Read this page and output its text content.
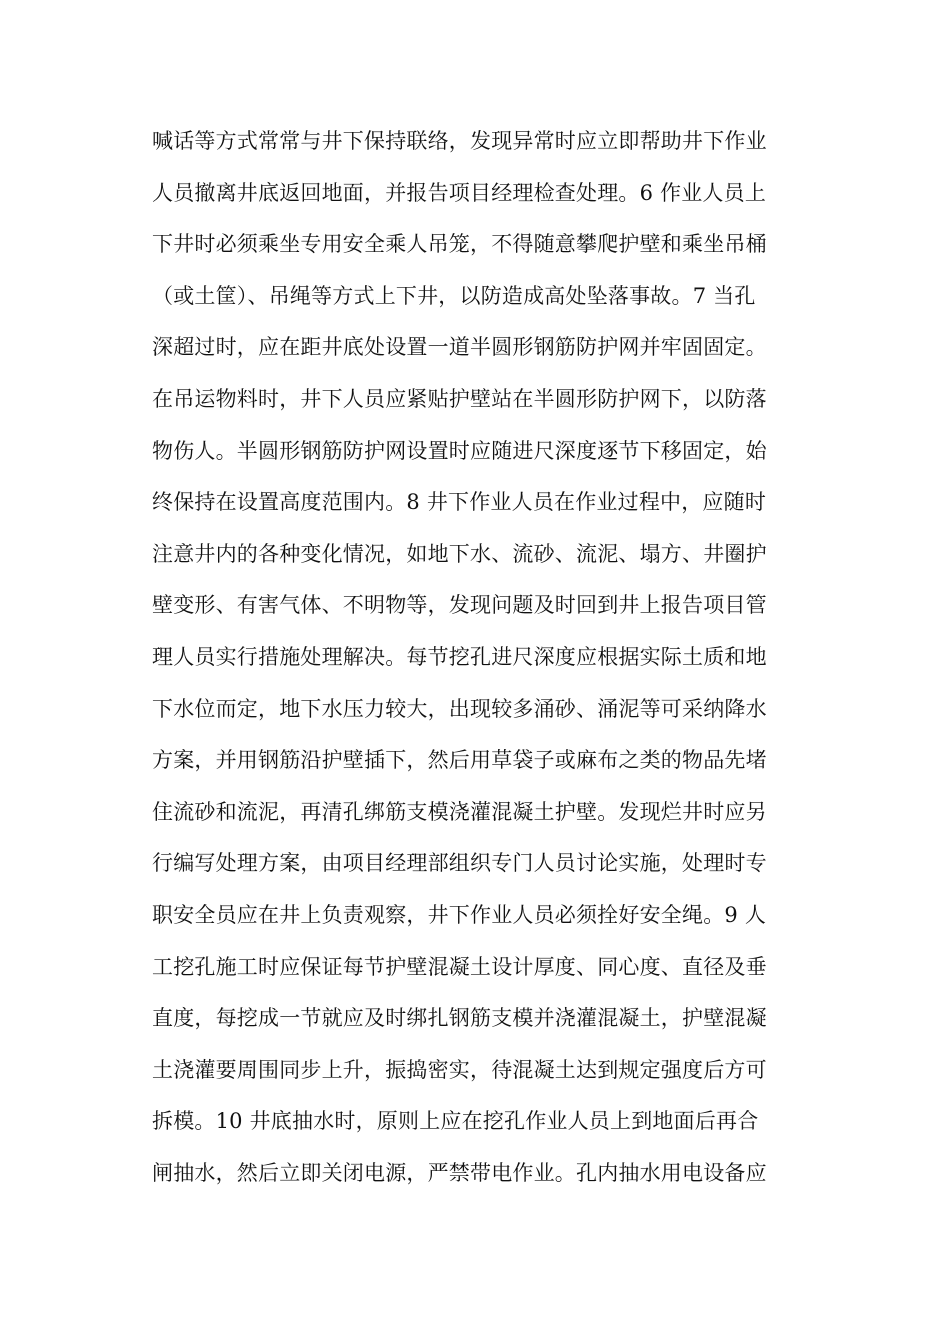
喊话等方式常常与井下保持联络，发现异常时应立即帮助井下作业
人员撤离井底返回地面，并报告项目经理检查处理。6 作业人员上
下井时必须乘坐专用安全乘人吊笼，不得随意攀爬护壁和乘坐吊桶
（或土筐）、吊绳等方式上下井，以防造成高处坠落事故。7 当孔
深超过时，应在距井底处设置一道半圆形钢筋防护网并牢固固定。
在吊运物料时，井下人员应紧贴护壁站在半圆形防护网下，以防落
物伤人。半圆形钢筋防护网设置时应随进尺深度逐节下移固定，始
终保持在设置高度范围内。8 井下作业人员在作业过程中，应随时
注意井内的各种变化情况，如地下水、流砂、流泥、塌方、井圈护
壁变形、有害气体、不明物等，发现问题及时回到井上报告项目管
理人员实行措施处理解决。每节挖孔进尺深度应根据实际土质和地
下水位而定，地下水压力较大，出现较多涌砂、涌泥等可采纳降水
方案，并用钢筋沿护壁插下，然后用草袋子或麻布之类的物品先堵
住流砂和流泥，再清孔绑筋支模浇灌混凝土护壁。发现烂井时应另
行编写处理方案，由项目经理部组织专门人员讨论实施，处理时专
职安全员应在井上负责观察，井下作业人员必须拴好安全绳。9 人
工挖孔施工时应保证每节护壁混凝土设计厚度、同心度、直径及垂
直度，每挖成一节就应及时绑扎钢筋支模并浇灌混凝土，护壁混凝
土浇灌要周围同步上升，振捣密实，待混凝土达到规定强度后方可
拆模。10 井底抽水时，原则上应在挖孔作业人员上到地面后再合
闸抽水，然后立即关闭电源，严禁带电作业。孔内抽水用电设备应
